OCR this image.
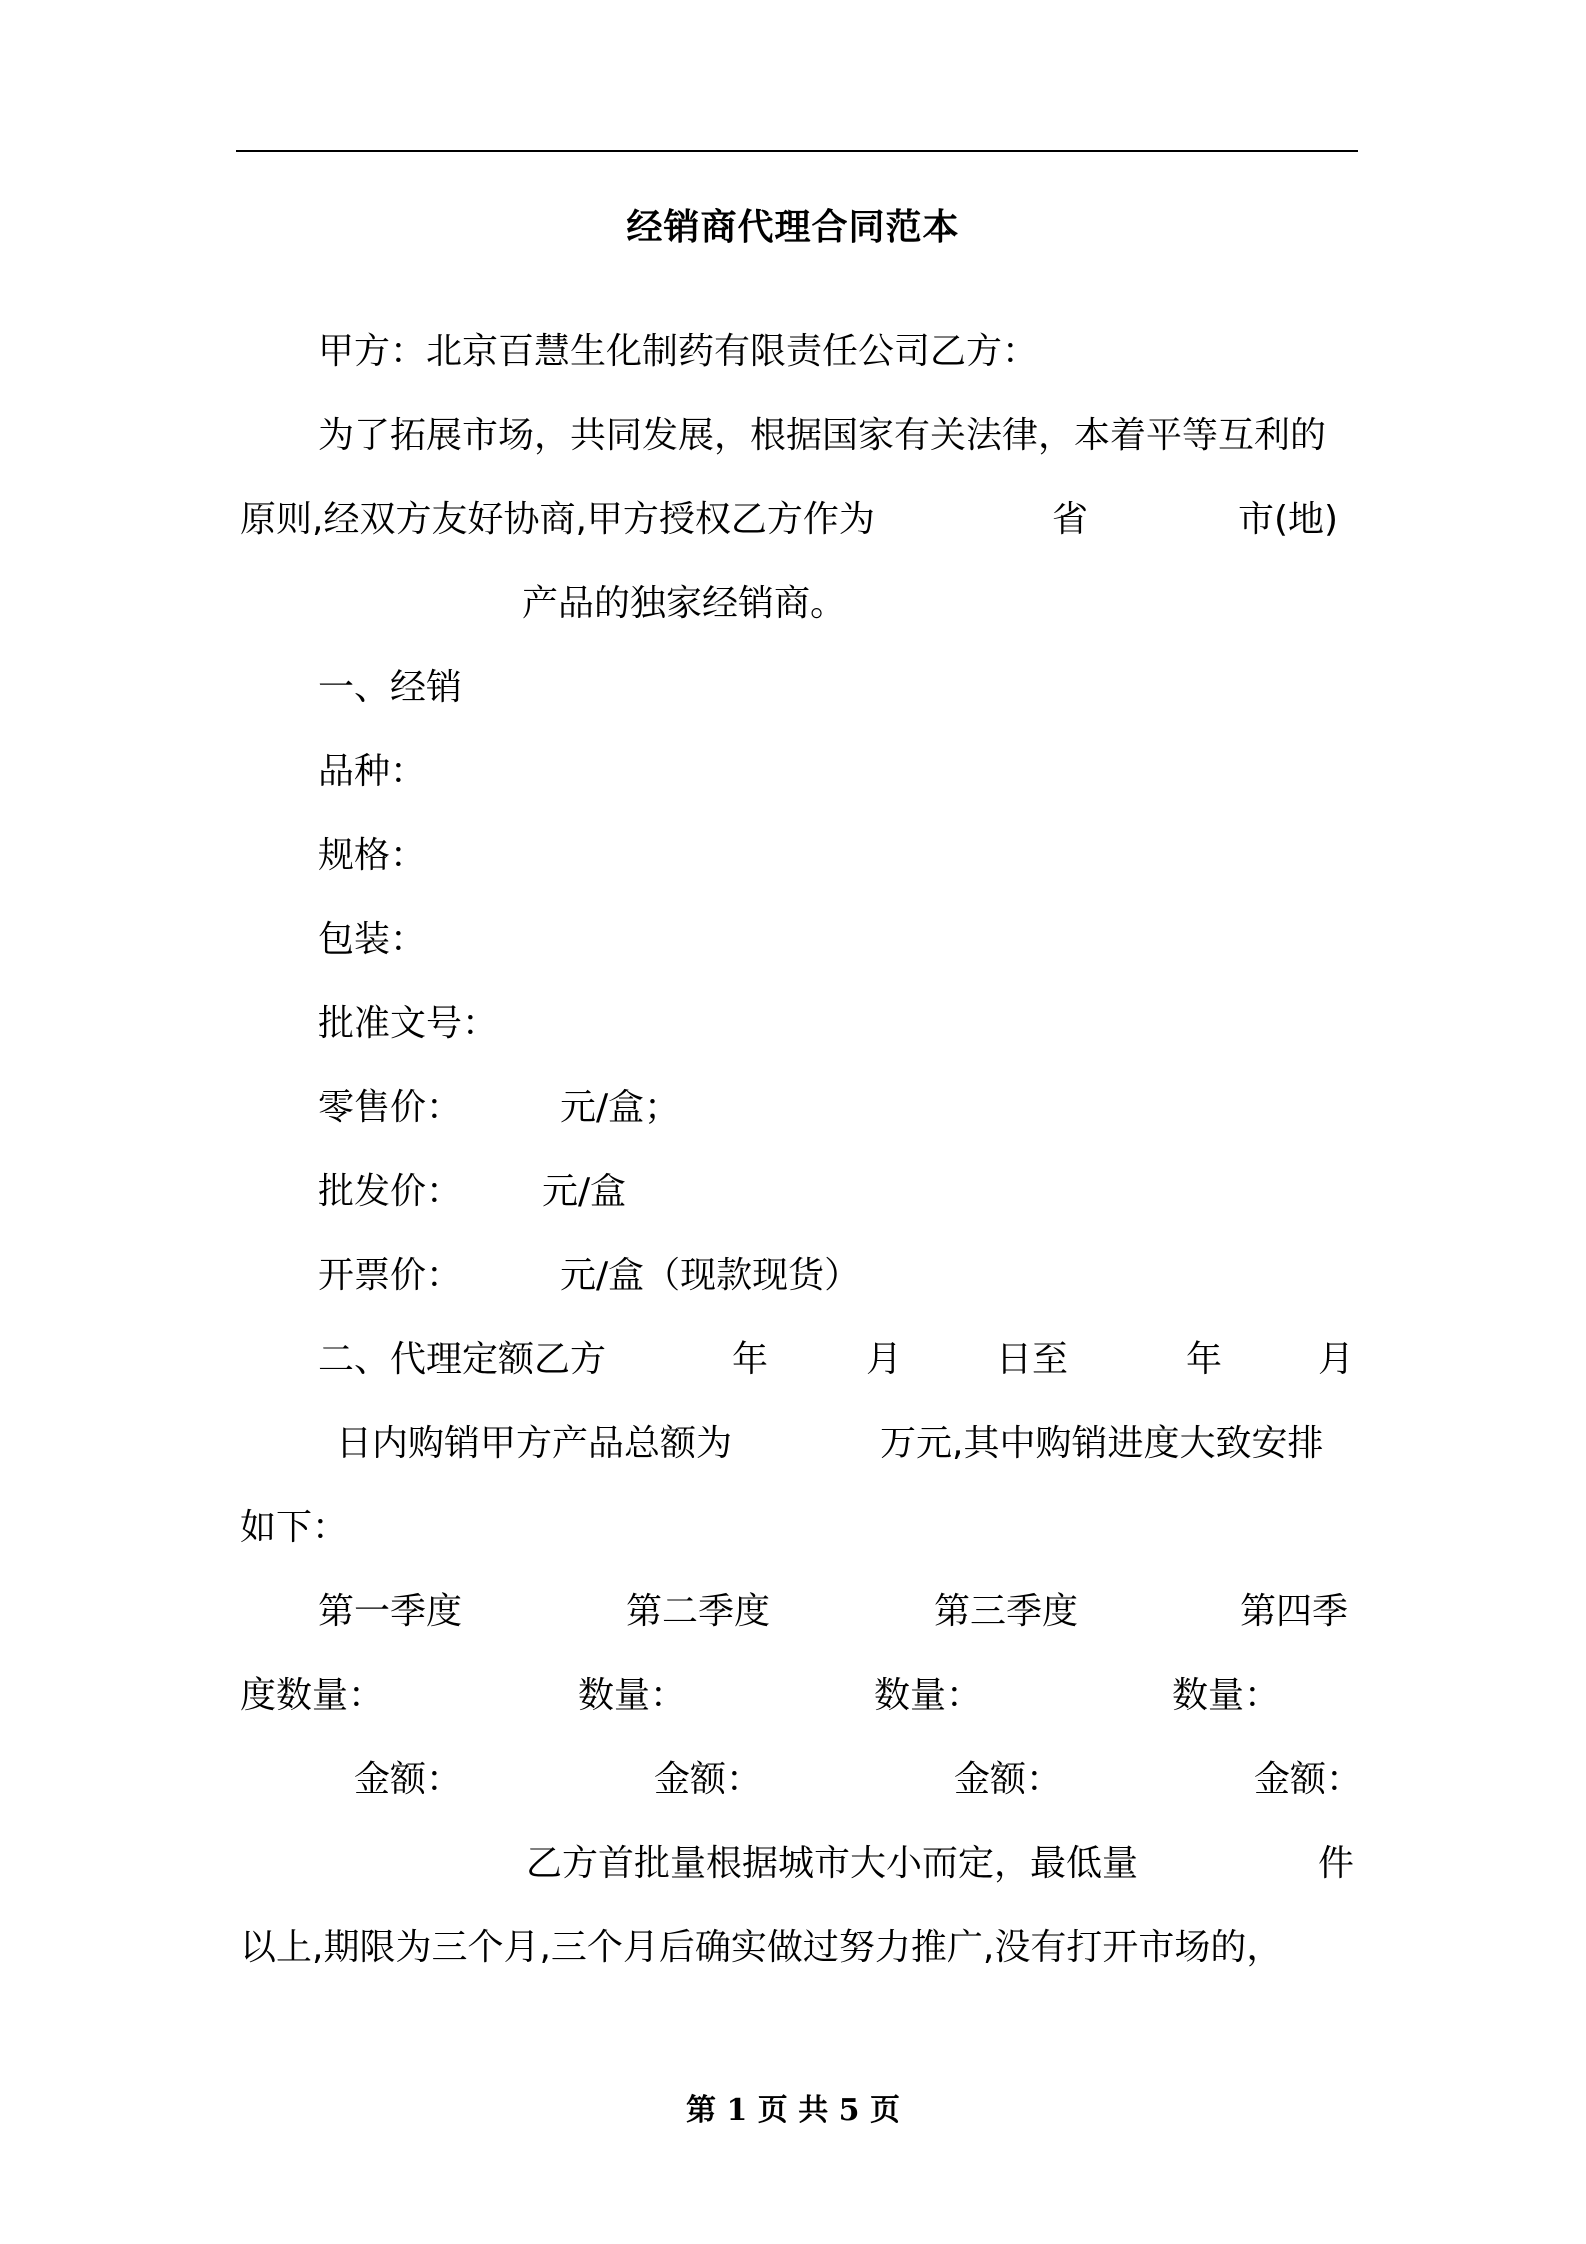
经销商代理合同范本
甲方：北京百慧生化制药有限责任公司乙方：
为了拓展市场，共同发展，根据国家有关法律，本着平等互利的
原则,经双方友好协商,甲方授权乙方作为	省	市(地)
产品的独家经销商。
一、经销
品种：
规格：
包装：
批准文号：
零售价：	元/盒；
批发价： 元/盒
开票价：	元/盒（现款现货）
二、代理定额乙方	年	月	日至	年	月
日内购销甲方产品总额为	万元,其中购销进度大致安排
如下：
第一季度	第二季度	第三季度	第四季
度数量：	数量：	数量：	数量：
金额：	金额：	金额：	金额：
乙方首批量根据城市大小而定，最低量	件
以上,期限为三个月,三个月后确实做过努力推广,没有打开市场的，
第 1 页 共 5 页
